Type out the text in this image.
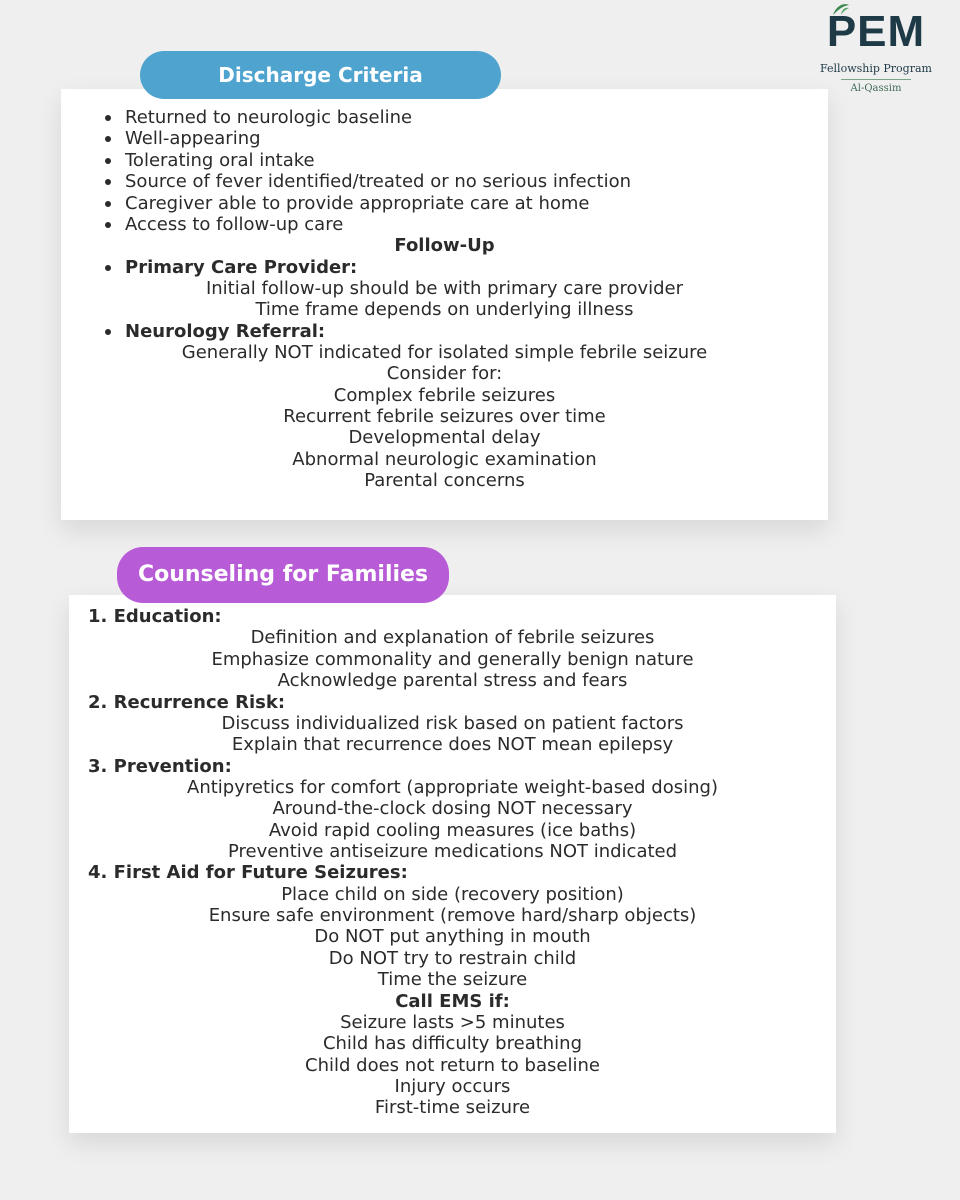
PEM
Fellowship Program
Al-Qassim
Discharge Criteria
Returned to neurologic baseline
Well-appearing
Tolerating oral intake
Source of fever identified/treated or no serious infection
Caregiver able to provide appropriate care at home
Access to follow-up care
Follow-Up
Primary Care Provider:
Initial follow-up should be with primary care provider
Time frame depends on underlying illness
Neurology Referral:
Generally NOT indicated for isolated simple febrile seizure
Consider for:
Complex febrile seizures
Recurrent febrile seizures over time
Developmental delay
Abnormal neurologic examination
Parental concerns
Counseling for Families
1. Education:
Definition and explanation of febrile seizures
Emphasize commonality and generally benign nature
Acknowledge parental stress and fears
2. Recurrence Risk:
Discuss individualized risk based on patient factors
Explain that recurrence does NOT mean epilepsy
3. Prevention:
Antipyretics for comfort (appropriate weight-based dosing)
Around-the-clock dosing NOT necessary
Avoid rapid cooling measures (ice baths)
Preventive antiseizure medications NOT indicated
4. First Aid for Future Seizures:
Place child on side (recovery position)
Ensure safe environment (remove hard/sharp objects)
Do NOT put anything in mouth
Do NOT try to restrain child
Time the seizure
Call EMS if:
Seizure lasts >5 minutes
Child has difficulty breathing
Child does not return to baseline
Injury occurs
First-time seizure
